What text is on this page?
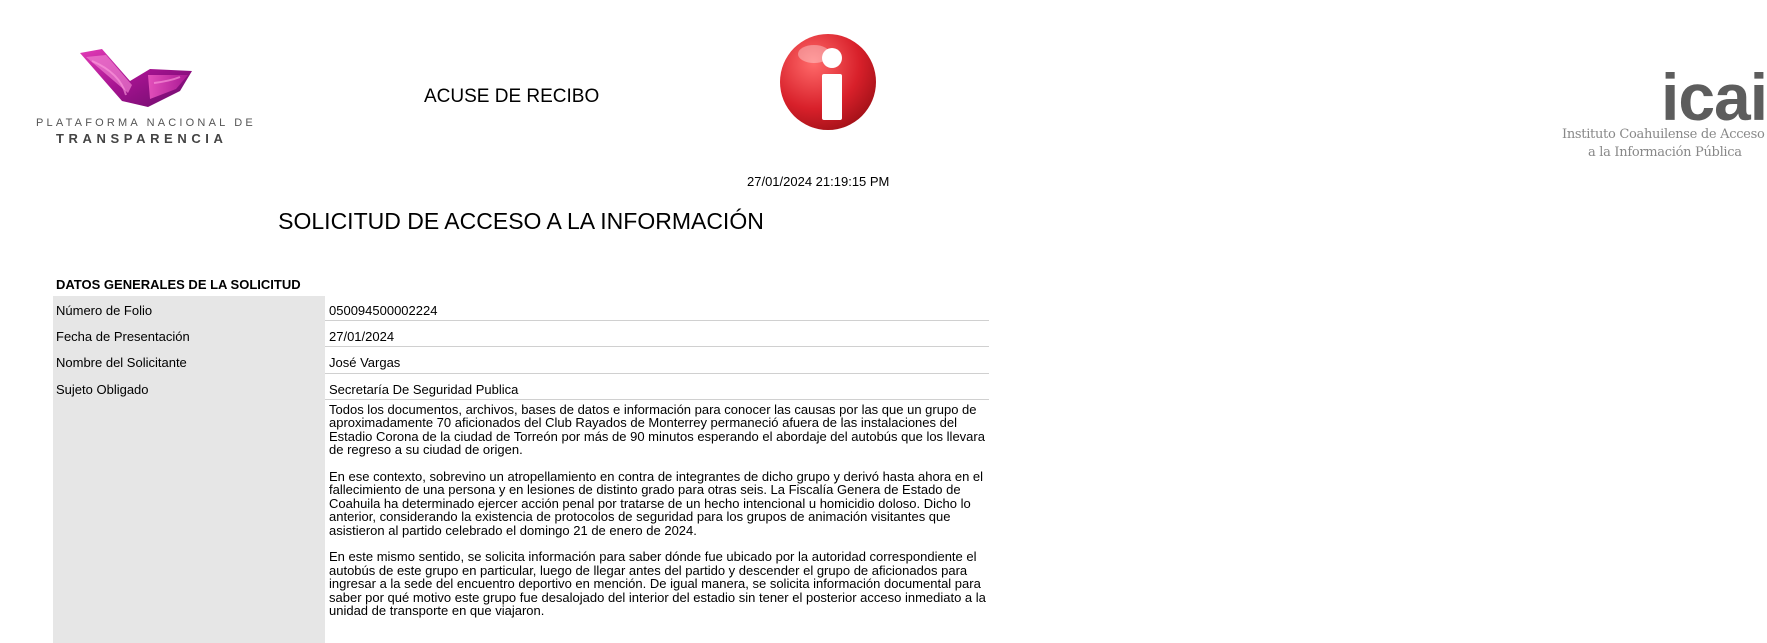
PLATAFORMA NACIONAL DE
TRANSPARENCIA
ACUSE DE RECIBO	icai
Instituto Coahuilense de Acceso
a la Información Pública
27/01/2024 21:19:15 PM
SOLICITUD DE ACCESO A LA INFORMACIÓN
DATOS GENERALES DE LA SOLICITUD
Número de Folio	050094500002224
Fecha de Presentación	27/01/2024
Nombre del Solicitante	José Vargas
Sujeto Obligado	Secretaría De Seguridad Publica

Todos los documentos, archivos, bases de datos e información para conocer las causas por las que un grupo de aproximadamente 70 aficionados del Club Rayados de Monterrey permaneció afuera de las instalaciones del Estadio Corona de la ciudad de Torreón por más de 90 minutos esperando el abordaje del autobús que los llevara de regreso a su ciudad de origen.

En ese contexto, sobrevino un atropellamiento en contra de integrantes de dicho grupo y derivó hasta ahora en el fallecimiento de una persona y en lesiones de distinto grado para otras seis. La Fiscalía Genera de Estado de Coahuila ha determinado ejercer acción penal por tratarse de un hecho intencional u homicidio doloso. Dicho lo anterior, considerando la existencia de protocolos de seguridad para los grupos de animación visitantes que asistieron al partido celebrado el domingo 21 de enero de 2024.

En este mismo sentido, se solicita información para saber dónde fue ubicado por la autoridad correspondiente el autobús de este grupo en particular, luego de llegar antes del partido y descender el grupo de aficionados para ingresar a la sede del encuentro deportivo en mención. De igual manera, se solicita información documental para saber por qué motivo este grupo fue desalojado del interior del estadio sin tener el posterior acceso inmediato a la unidad de transporte en que viajaron.
